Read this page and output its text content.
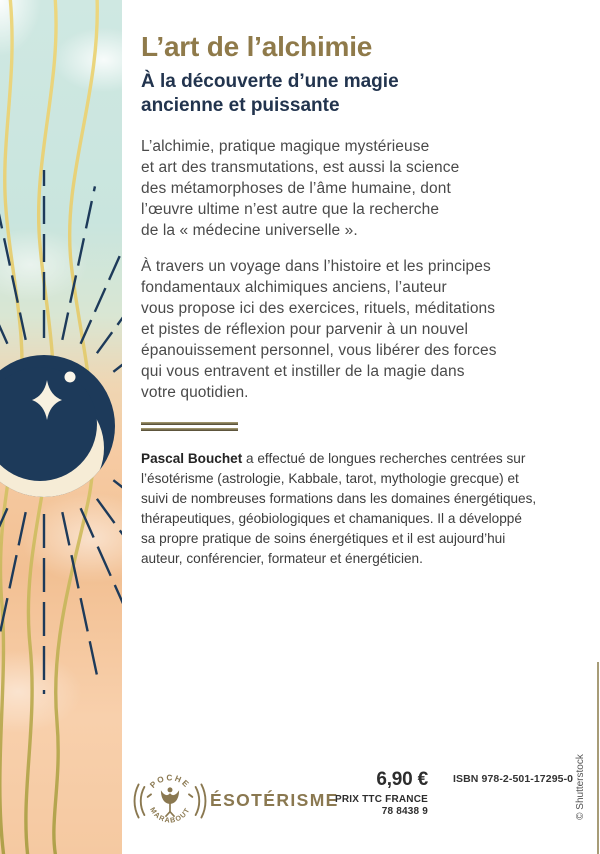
L’art de l’alchimie
À la découverte d’une magie
ancienne et puissante

L’alchimie, pratique magique mystérieuse
et art des transmutations, est aussi la science
des métamorphoses de l’âme humaine, dont
l’œuvre ultime n’est autre que la recherche
de la « médecine universelle ».

À travers un voyage dans l’histoire et les principes
fondamentaux alchimiques anciens, l’auteur
vous propose ici des exercices, rituels, méditations
et pistes de réflexion pour parvenir à un nouvel
épanouissement personnel, vous libérer des forces
qui vous entravent et instiller de la magie dans
votre quotidien.

Pascal Bouchet a effectué de longues recherches centrées sur
l’ésotérisme (astrologie, Kabbale, tarot, mythologie grecque) et
suivi de nombreuses formations dans les domaines énergétiques,
thérapeutiques, géobiologiques et chamaniques. Il a développé
sa propre pratique de soins énergétiques et il est aujourd’hui
auteur, conférencier, formateur et énergéticien.

POCHE
MARABOUT
ÉSOTÉRISME
6,90 €
PRIX TTC FRANCE
78 8438 9
ISBN 978-2-501-17295-0 © Shutterstock
